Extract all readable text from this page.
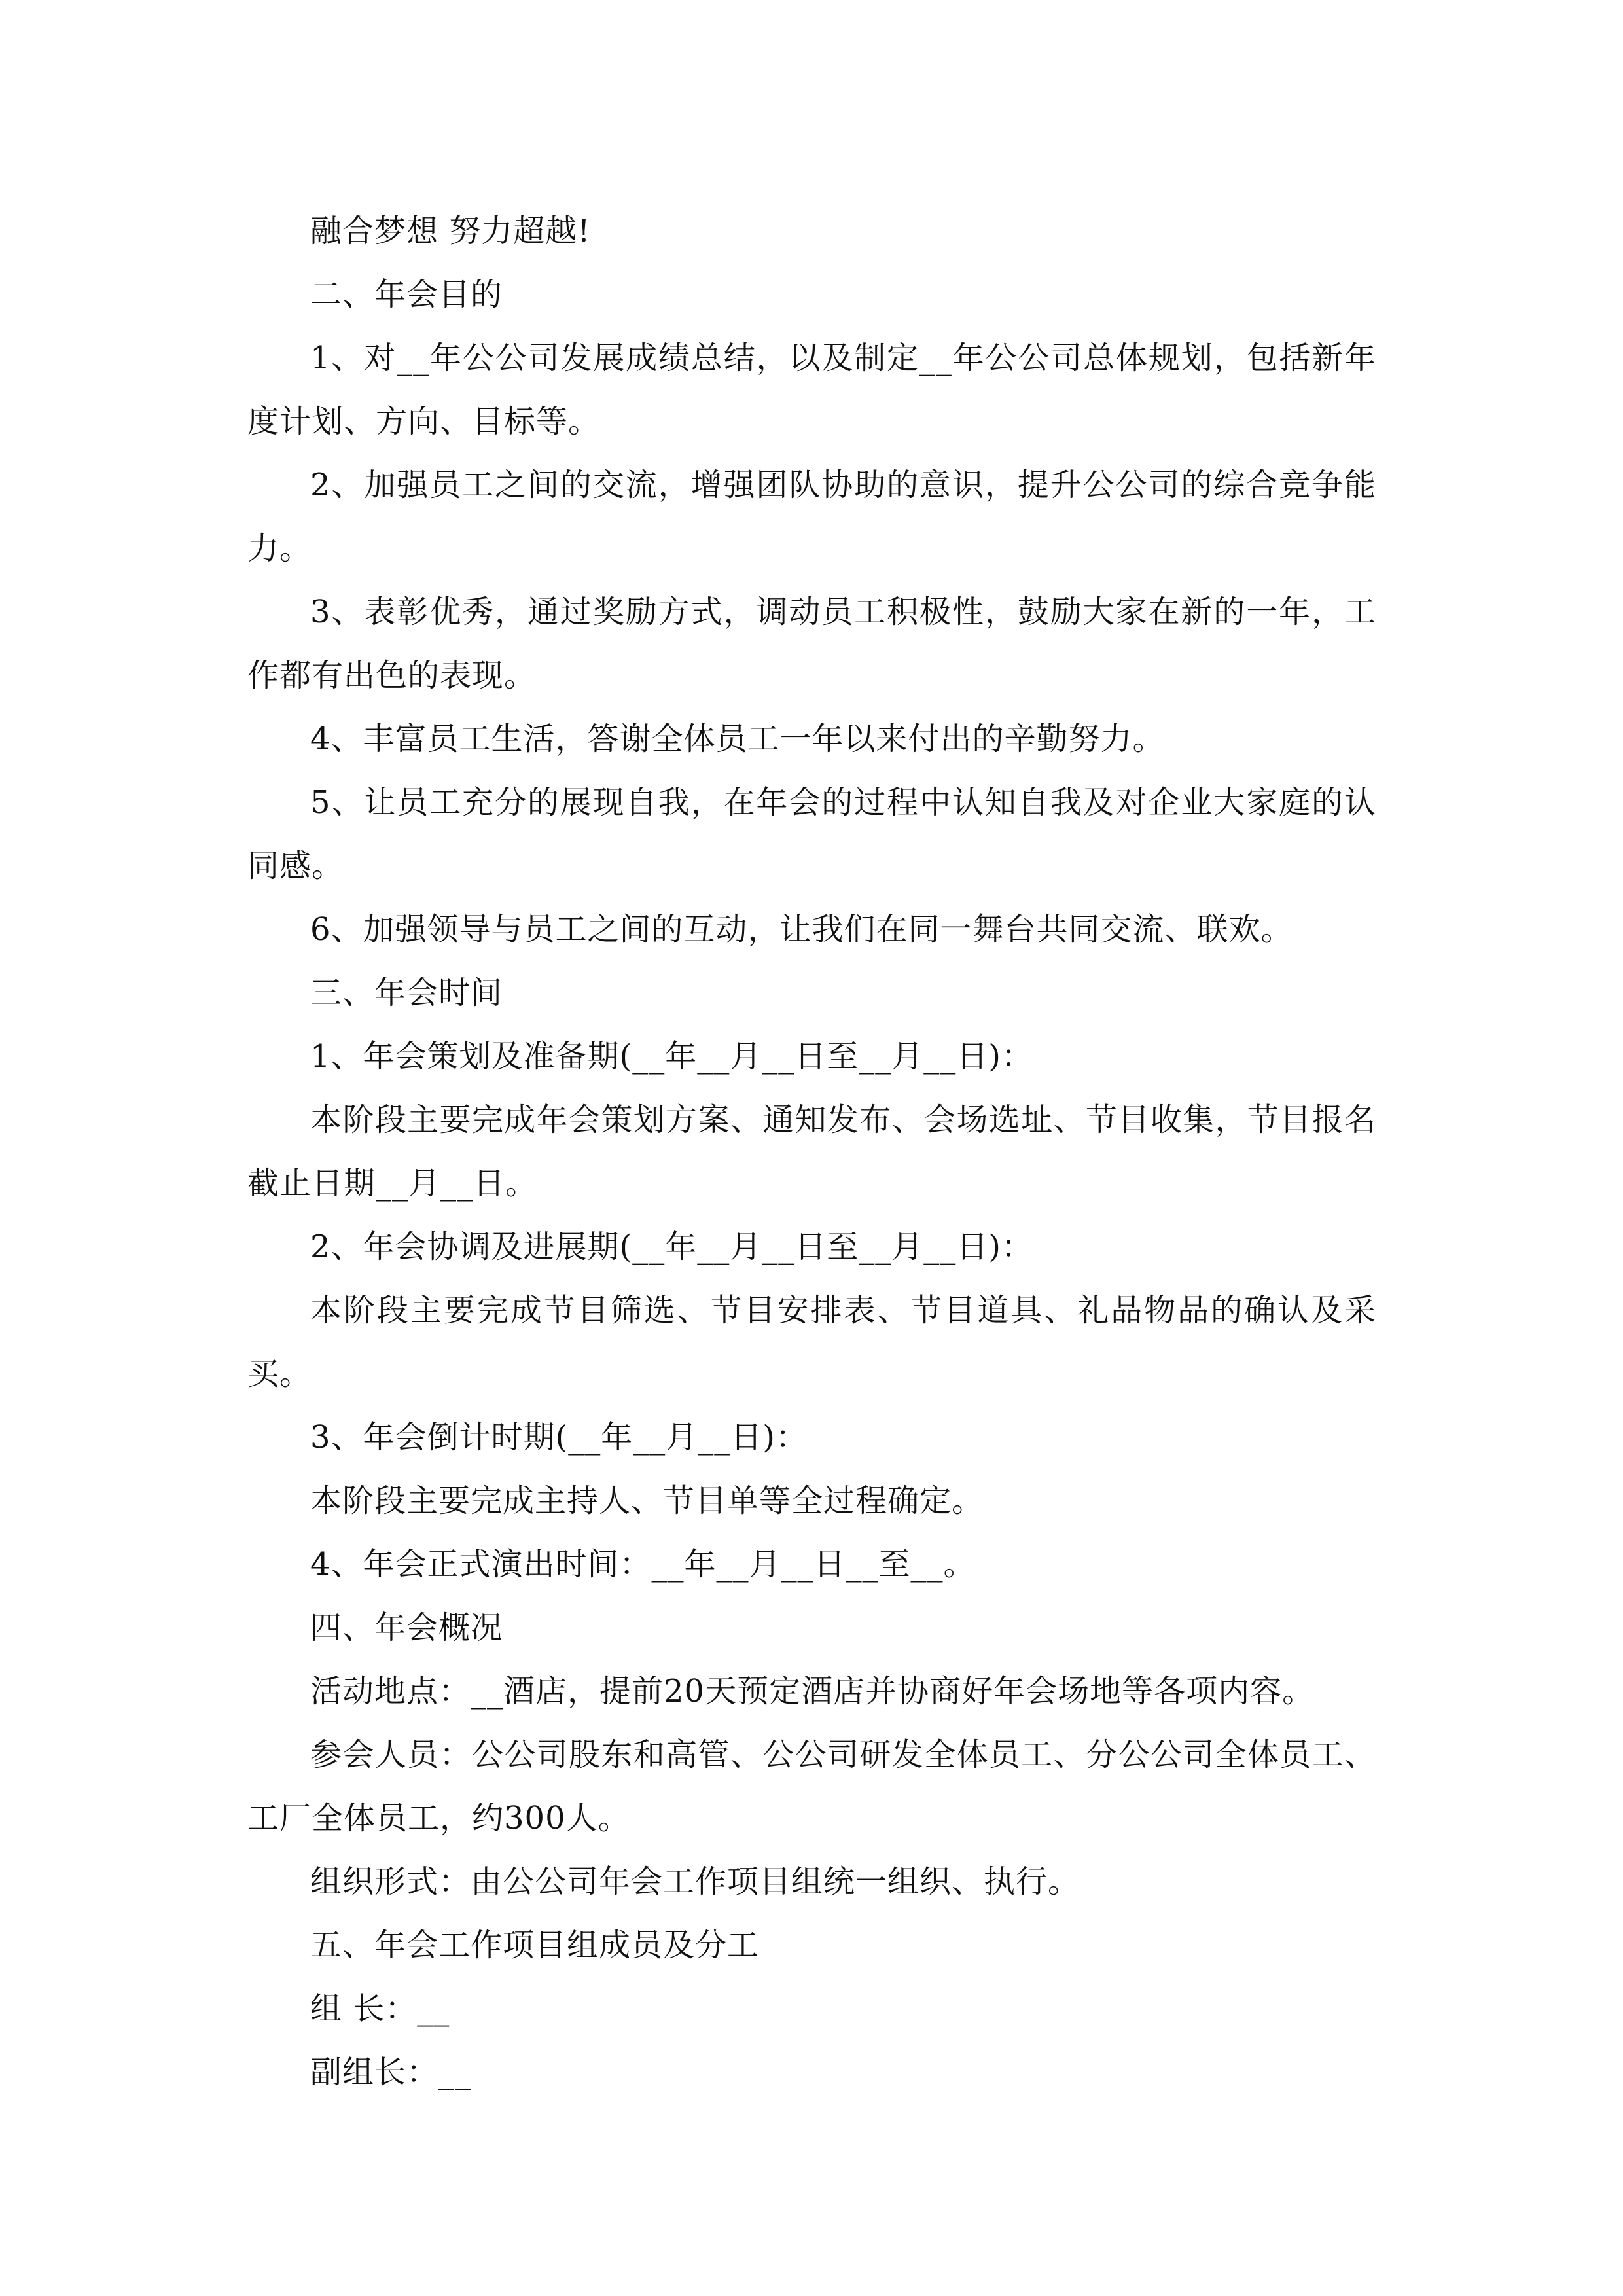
融合梦想 努力超越!

二、年会目的

1、对__年公公司发展成绩总结，以及制定__年公公司总体规划，包括新年度计划、方向、目标等。

2、加强员工之间的交流，增强团队协助的意识，提升公公司的综合竞争能力。

3、表彰优秀，通过奖励方式，调动员工积极性，鼓励大家在新的一年，工作都有出色的表现。

4、丰富员工生活，答谢全体员工一年以来付出的辛勤努力。

5、让员工充分的展现自我，在年会的过程中认知自我及对企业大家庭的认同感。

6、加强领导与员工之间的互动，让我们在同一舞台共同交流、联欢。

三、年会时间

1、年会策划及准备期(__年__月__日至__月__日)：

本阶段主要完成年会策划方案、通知发布、会场选址、节目收集，节目报名截止日期__月__日。

2、年会协调及进展期(__年__月__日至__月__日)：

本阶段主要完成节目筛选、节目安排表、节目道具、礼品物品的确认及采买。

3、年会倒计时期(__年__月__日)：

本阶段主要完成主持人、节目单等全过程确定。

4、年会正式演出时间：__年__月__日__至__。

四、年会概况

活动地点：__酒店，提前20天预定酒店并协商好年会场地等各项内容。

参会人员：公公司股东和高管、公公司研发全体员工、分公公司全体员工、工厂全体员工，约300人。

组织形式：由公公司年会工作项目组统一组织、执行。

五、年会工作项目组成员及分工

组 长：__

副组长：__
